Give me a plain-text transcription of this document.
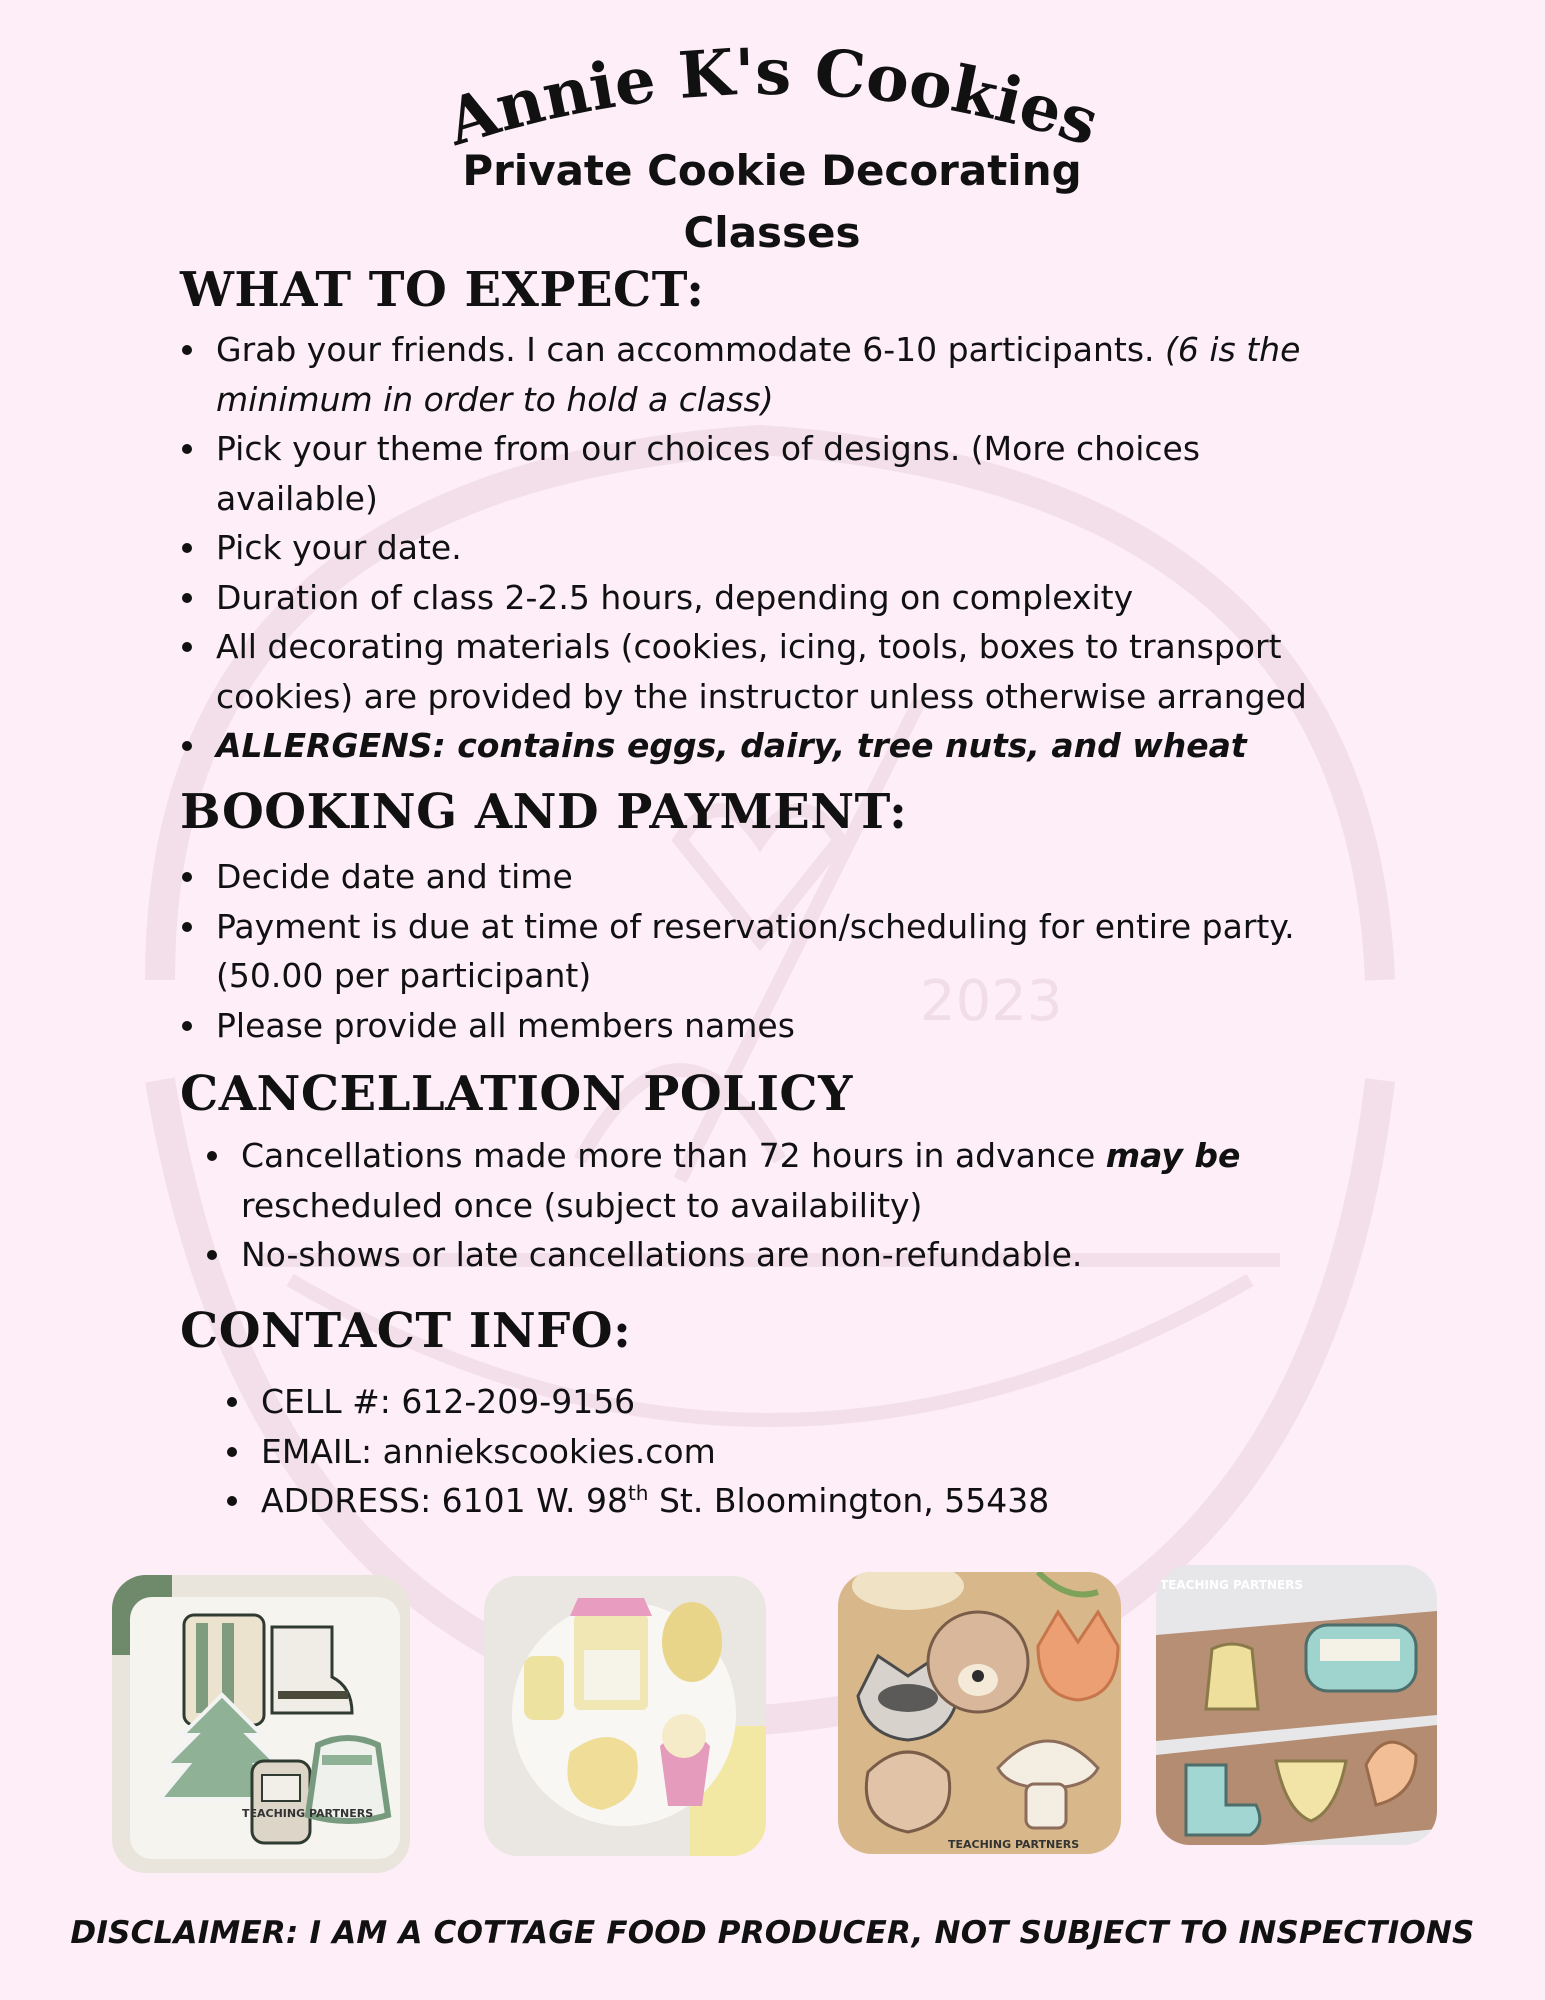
2023
Annie K's Cookies
Private Cookie Decorating
Classes
WHAT TO EXPECT:
Grab your friends. I can accommodate 6-10 participants. (6 is the minimum in order to hold a class)
Pick your theme from our choices of designs. (More choices available)
Pick your date.
Duration of class 2-2.5 hours, depending on complexity
All decorating materials (cookies, icing, tools, boxes to transport cookies) are provided by the instructor unless otherwise arranged
ALLERGENS: contains eggs, dairy, tree nuts, and wheat
BOOKING AND PAYMENT:
Decide date and time
Payment is due at time of reservation/scheduling for entire party. (50.00 per participant)
Please provide all members names
CANCELLATION POLICY
Cancellations made more than 72 hours in advance may be rescheduled once (subject to availability)
No-shows or late cancellations are non-refundable.
CONTACT INFO:
CELL #: 612-209-9156
EMAIL: anniekscookies.com
ADDRESS: 6101 W. 98th St. Bloomington, 55438
TEACHING PARTNERS
TEACHING PARTNERS
TEACHING PARTNERS
DISCLAIMER: I AM A COTTAGE FOOD PRODUCER, NOT SUBJECT TO INSPECTIONS
